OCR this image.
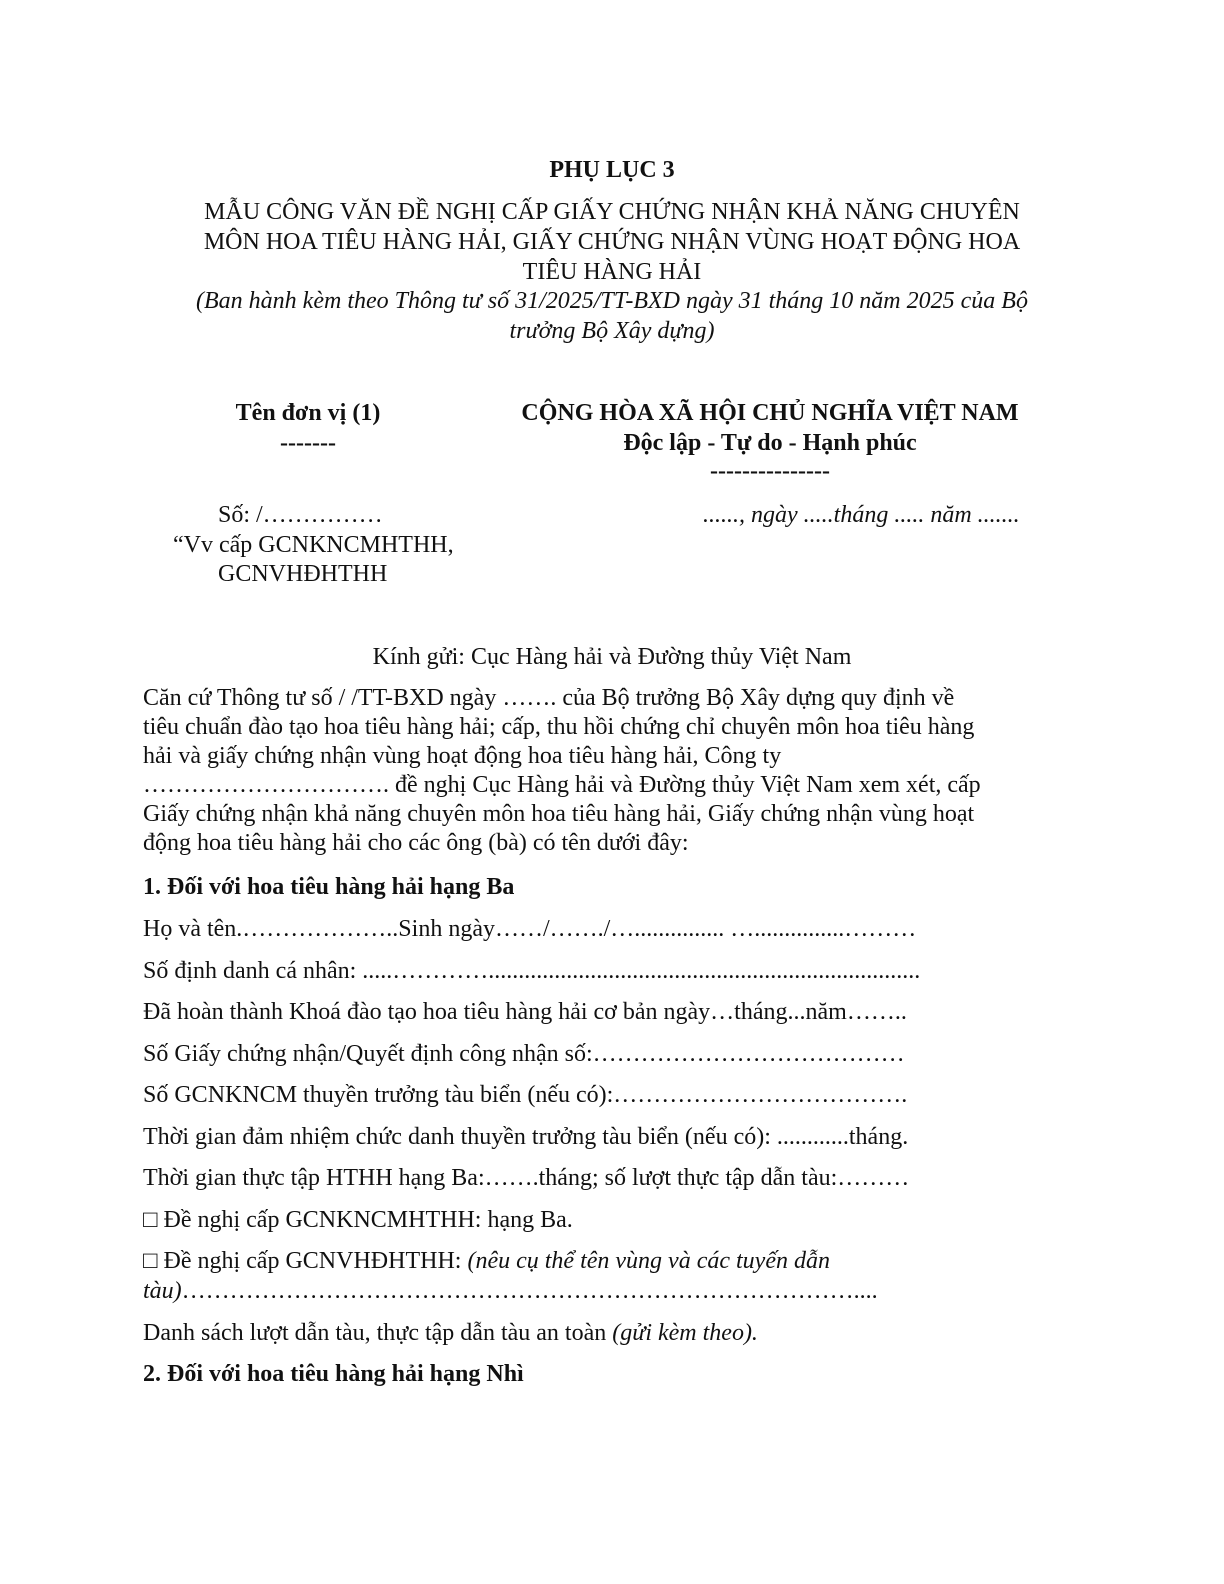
PHỤ LỤC 3
MẪU CÔNG VĂN ĐỀ NGHỊ CẤP GIẤY CHỨNG NHẬN KHẢ NĂNG CHUYÊN
MÔN HOA TIÊU HÀNG HẢI, GIẤY CHỨNG NHẬN VÙNG HOẠT ĐỘNG HOA
TIÊU HÀNG HẢI
(Ban hành kèm theo Thông tư số 31/2025/TT-BXD ngày 31 tháng 10 năm 2025 của Bộ
trưởng Bộ Xây dựng)
Tên đơn vị (1)
-------
Số: /……………
“Vv cấp GCNKNCMHTHH,
GCNVHĐHTHH
CỘNG HÒA XÃ HỘI CHỦ NGHĨA VIỆT NAM
Độc lập - Tự do - Hạnh phúc
---------------
......, ngày .....tháng ..... năm .......
Kính gửi: Cục Hàng hải và Đường thủy Việt Nam
Căn cứ Thông tư số / /TT-BXD ngày ……. của Bộ trưởng Bộ Xây dựng quy định về
tiêu chuẩn đào tạo hoa tiêu hàng hải; cấp, thu hồi chứng chỉ chuyên môn hoa tiêu hàng
hải và giấy chứng nhận vùng hoạt động hoa tiêu hàng hải, Công ty
…………………………. đề nghị Cục Hàng hải và Đường thủy Việt Nam xem xét, cấp
Giấy chứng nhận khả năng chuyên môn hoa tiêu hàng hải, Giấy chứng nhận vùng hoạt
động hoa tiêu hàng hải cho các ông (bà) có tên dưới đây:
1. Đối với hoa tiêu hàng hải hạng Ba
Họ và tên.………………..Sinh ngày……/……./…............... …...............………
Số định danh cá nhân: .....…………........................................................................
Đã hoàn thành Khoá đào tạo hoa tiêu hàng hải cơ bản ngày…tháng...năm……..
Số Giấy chứng nhận/Quyết định công nhận số:…………………………………
Số GCNKNCM thuyền trưởng tàu biển (nếu có):……………………………….
Thời gian đảm nhiệm chức danh thuyền trưởng tàu biển (nếu có): ............tháng.
Thời gian thực tập HTHH hạng Ba:…….tháng; số lượt thực tập dẫn tàu:………
□ Đề nghị cấp GCNKNCMHTHH: hạng Ba.
□ Đề nghị cấp GCNVHĐHTHH: (nêu cụ thể tên vùng và các tuyến dẫn
tàu)…………………………………………………………………………....
Danh sách lượt dẫn tàu, thực tập dẫn tàu an toàn (gửi kèm theo).
2. Đối với hoa tiêu hàng hải hạng Nhì
